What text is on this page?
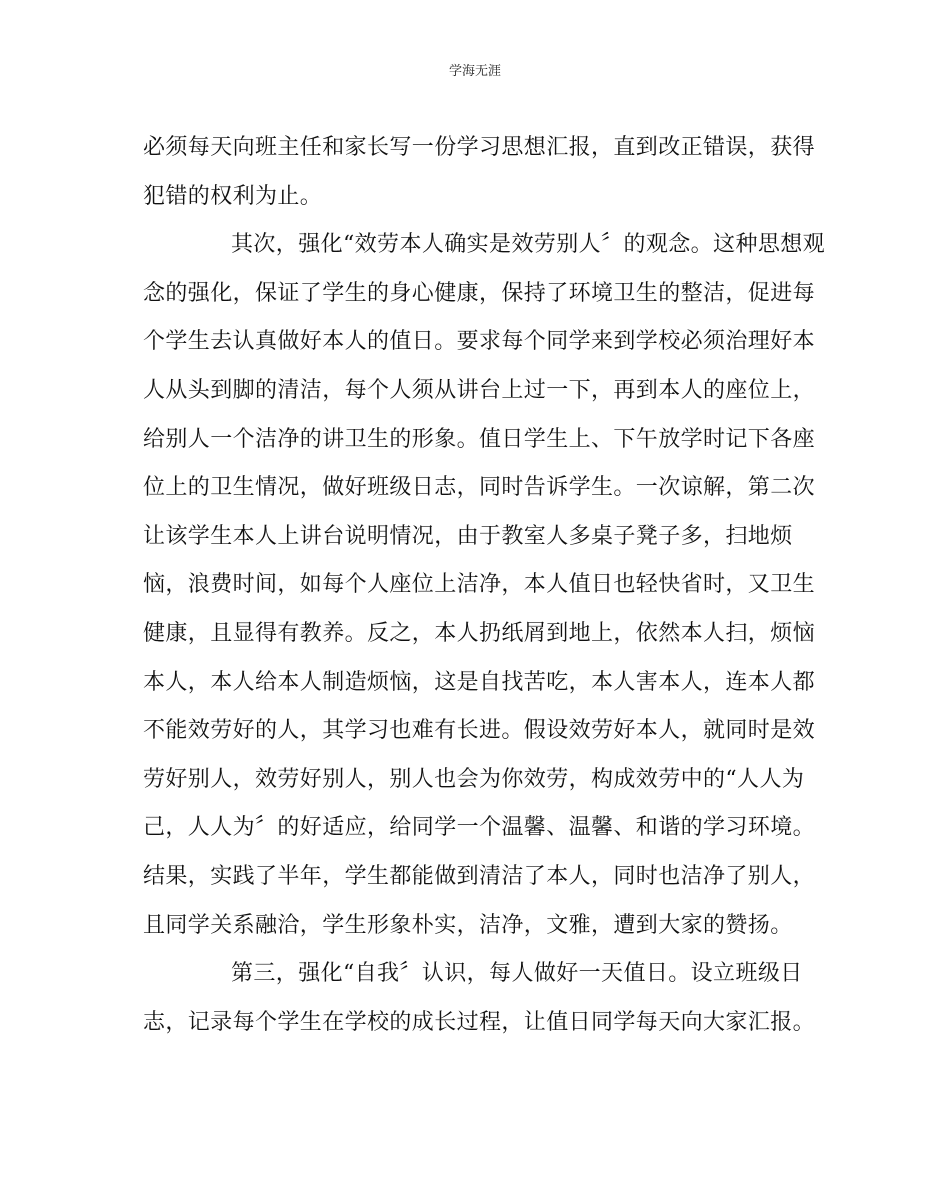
学海无涯
必须每天向班主任和家长写一份学习思想汇报，直到改正错误，获得
犯错的权利为止。
其次，强化“效劳本人确实是效劳别人〞的观念。这种思想观
念的强化，保证了学生的身心健康，保持了环境卫生的整洁，促进每
个学生去认真做好本人的值日。要求每个同学来到学校必须治理好本
人从头到脚的清洁，每个人须从讲台上过一下，再到本人的座位上，
给别人一个洁净的讲卫生的形象。值日学生上、下午放学时记下各座
位上的卫生情况，做好班级日志，同时告诉学生。一次谅解，第二次
让该学生本人上讲台说明情况，由于教室人多桌子凳子多，扫地烦
恼，浪费时间，如每个人座位上洁净，本人值日也轻快省时，又卫生
健康，且显得有教养。反之，本人扔纸屑到地上，依然本人扫，烦恼
本人，本人给本人制造烦恼，这是自找苦吃，本人害本人，连本人都
不能效劳好的人，其学习也难有长进。假设效劳好本人，就同时是效
劳好别人，效劳好别人，别人也会为你效劳，构成效劳中的“人人为
己，人人为〞的好适应，给同学一个温馨、温馨、和谐的学习环境。
结果，实践了半年，学生都能做到清洁了本人，同时也洁净了别人，
且同学关系融洽，学生形象朴实，洁净，文雅，遭到大家的赞扬。
第三，强化“自我〞认识，每人做好一天值日。设立班级日
志，记录每个学生在学校的成长过程，让值日同学每天向大家汇报。
